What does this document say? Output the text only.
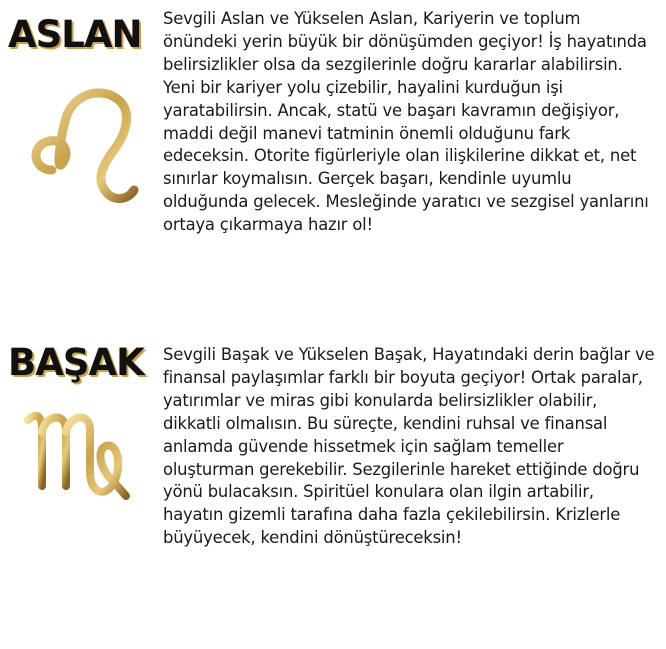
ASLAN Sevgili Aslan ve Yükselen Aslan, Kariyerin ve toplum önündeki yerin büyük bir dönüşümden geçiyor! İş hayatında belirsizlikler olsa da sezgilerinle doğru kararlar alabilirsin. Yeni bir kariyer yolu çizebilir, hayalini kurduğun işi yaratabilirsin. Ancak, statü ve başarı kavramın değişiyor, maddi değil manevi tatminin önemli olduğunu fark edeceksin. Otorite figürleriyle olan ilişkilerine dikkat et, net sınırlar koymalısın. Gerçek başarı, kendinle uyumlu olduğunda gelecek. Mesleğinde yaratıcı ve sezgisel yanlarını ortaya çıkarmaya hazır ol!

BAŞAK Sevgili Başak ve Yükselen Başak, Hayatındaki derin bağlar ve finansal paylaşımlar farklı bir boyuta geçiyor! Ortak paralar, yatırımlar ve miras gibi konularda belirsizlikler olabilir, dikkatli olmalısın. Bu süreçte, kendini ruhsal ve finansal anlamda güvende hissetmek için sağlam temeller oluşturman gerekebilir. Sezgilerinle hareket ettiğinde doğru yönü bulacaksın. Spiritüel konulara olan ilgin artabilir, hayatın gizemli tarafına daha fazla çekilebilirsin. Krizlerle büyüyecek, kendini dönüştüreceksin!
